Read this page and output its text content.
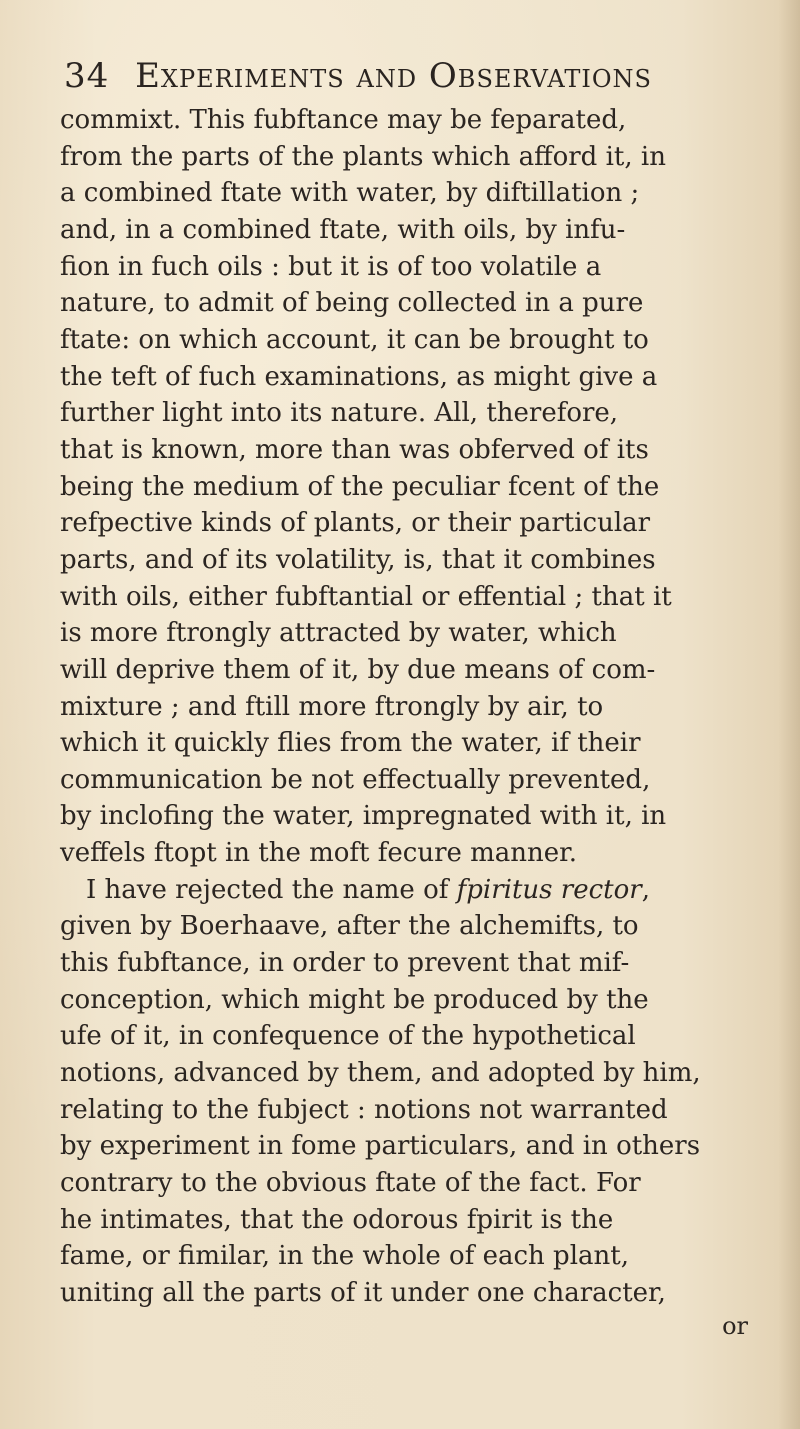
34 Experiments and Observations
commixt. This fubftance may be feparated,
from the parts of the plants which afford it, in
a combined ftate with water, by diftillation ;
and, in a combined ftate, with oils, by infu-
fion in fuch oils : but it is of too volatile a
nature, to admit of being collected in a pure
ftate: on which account, it can be brought to
the teft of fuch examinations, as might give a
further light into its nature. All, therefore,
that is known, more than was obferved of its
being the medium of the peculiar fcent of the
refpective kinds of plants, or their particular
parts, and of its volatility, is, that it combines
with oils, either fubftantial or effential ; that it
is more ftrongly attracted by water, which
will deprive them of it, by due means of com-
mixture ; and ftill more ftrongly by air, to
which it quickly flies from the water, if their
communication be not effectually prevented,
by inclofing the water, impregnated with it, in
veffels ftopt in the moft fecure manner.
I have rejected the name of fpiritus rector,
given by Boerhaave, after the alchemifts, to
this fubftance, in order to prevent that mif-
conception, which might be produced by the
ufe of it, in confequence of the hypothetical
notions, advanced by them, and adopted by him,
relating to the fubject : notions not warranted
by experiment in fome particulars, and in others
contrary to the obvious ftate of the fact. For
he intimates, that the odorous fpirit is the
fame, or fimilar, in the whole of each plant,
uniting all the parts of it under one character,
or
